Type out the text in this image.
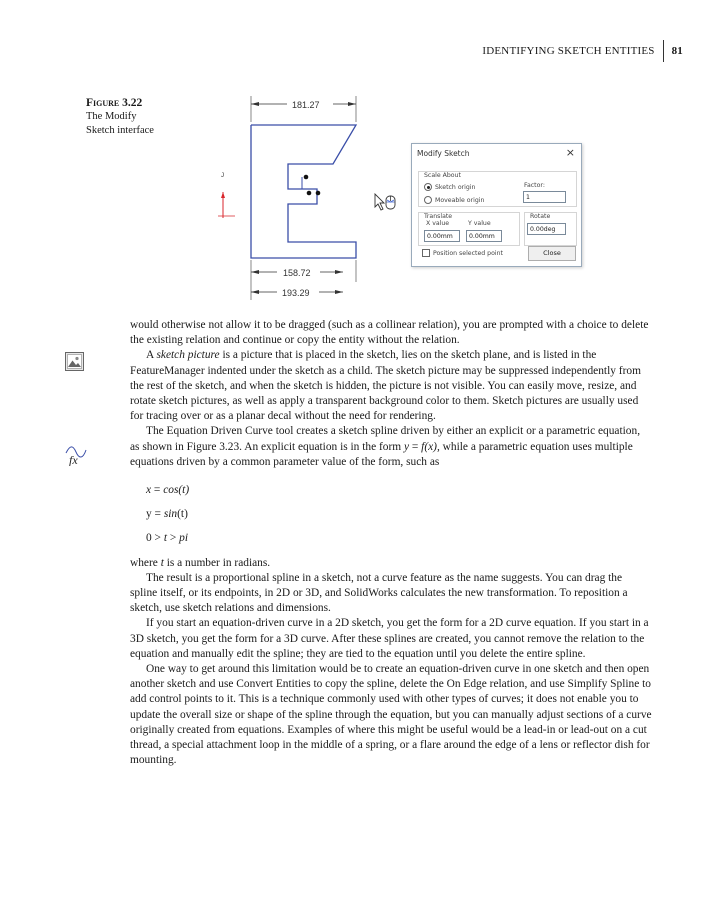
IDENTIFYING SKETCH ENTITIES	81
Figure 3.22
The Modify
Sketch interface
181.27
J
158.72
193.29
Modify Sketch	×
Scale About
Sketch origin
Moveable origin
Factor:
1
Translate
X value	Y value
0.00mm	0.00mm
Rotate
0.00deg
Position selected point	Close
fx

would otherwise not allow it to be dragged (such as a collinear relation), you are prompted with a choice to delete the existing relation and continue or copy the entity without the relation.

A sketch picture is a picture that is placed in the sketch, lies on the sketch plane, and is listed in the FeatureManager indented under the sketch as a child. The sketch picture may be suppressed independently from the rest of the sketch, and when the sketch is hidden, the picture is not visible. You can easily move, resize, and rotate sketch pictures, as well as apply a transparent background color to them. Sketch pictures are usually used for tracing over or as a planar decal without the need for rendering.

The Equation Driven Curve tool creates a sketch spline driven by either an explicit or a parametric equation, as shown in Figure 3.23. An explicit equation is in the form y = f(x), while a parametric equation uses multiple equations driven by a common parameter value of the form, such as

x = cos(t)

y = sin(t)

0 > t > pi

where t is a number in radians.

The result is a proportional spline in a sketch, not a curve feature as the name suggests. You can drag the spline itself, or its endpoints, in 2D or 3D, and SolidWorks calculates the new transformation. To reposition a sketch, use sketch relations and dimensions.

If you start an equation-driven curve in a 2D sketch, you get the form for a 2D curve equation. If you start in a 3D sketch, you get the form for a 3D curve. After these splines are created, you cannot remove the relation to the equation and manually edit the spline; they are tied to the equation until you delete the entire spline.

One way to get around this limitation would be to create an equation-driven curve in one sketch and then open another sketch and use Convert Entities to copy the spline, delete the On Edge relation, and use Simplify Spline to add control points to it. This is a technique commonly used with other types of curves; it does not enable you to update the overall size or shape of the spline through the equation, but you can manually adjust sections of a curve originally created from equations. Examples of where this might be useful would be a lead-in or lead-out on a cut thread, a special attachment loop in the middle of a spring, or a flare around the edge of a lens or reflector dish for mounting.
